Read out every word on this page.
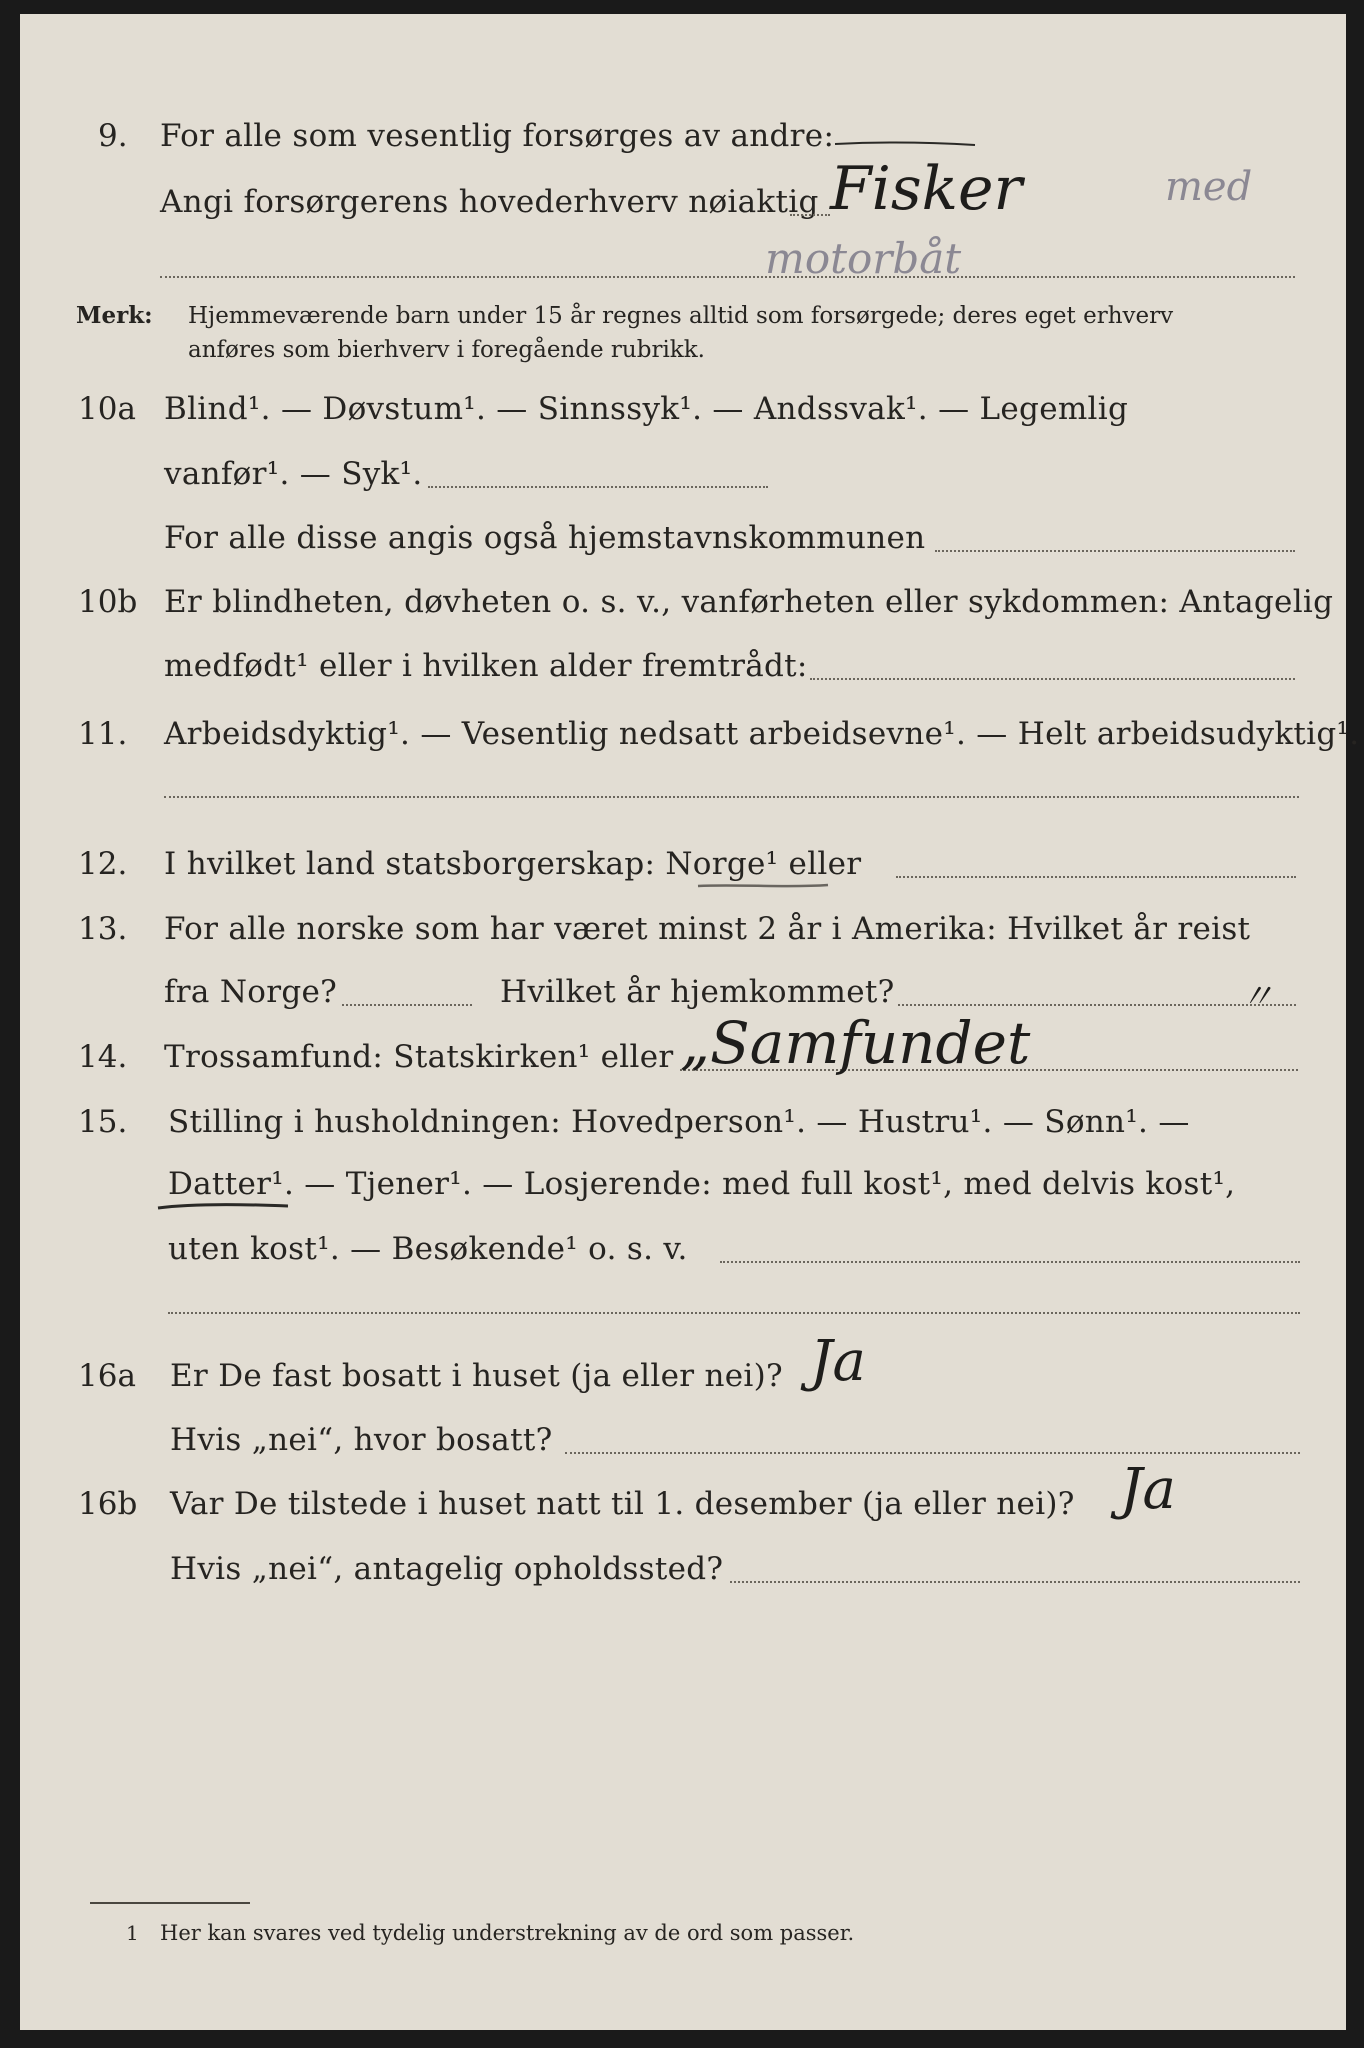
9. For alle som vesentlig forsørges av andre:
Angi forsørgerens hovederhverv nøiaktig Fisker	med
motorbåt
Merk: Hjemmeværende barn under 15 år regnes alltid som forsørgede; deres eget erhverv
anføres som bierhverv i foregående rubrikk.
10a Blind¹. — Døvstum¹. — Sinnssyk¹. — Andssvak¹. — Legemlig
vanfør¹. — Syk¹.
For alle disse angis også hjemstavnskommunen
10b Er blindheten, døvheten o. s. v., vanførheten eller sykdommen: Antagelig
medfødt¹ eller i hvilken alder fremtrådt:
11. Arbeidsdyktig¹. — Vesentlig nedsatt arbeidsevne¹. — Helt arbeidsudyktig¹.
12. I hvilket land statsborgerskap: Norge¹ eller
13. For alle norske som har været minst 2 år i Amerika: Hvilket år reist
fra Norge?	Hvilket år hjemkommet?	〃
14. Trossamfund: Statskirken¹ eller „Samfundet
15. Stilling i husholdningen: Hovedperson¹. — Hustru¹. — Sønn¹. —
Datter¹. — Tjener¹. — Losjerende: med full kost¹, med delvis kost¹,
uten kost¹. — Besøkende¹ o. s. v.
16a Er De fast bosatt i huset (ja eller nei)? Ja
Hvis „nei“, hvor bosatt?
16b Var De tilstede i huset natt til 1. desember (ja eller nei)? Ja
Hvis „nei“, antagelig opholdssted?
1 Her kan svares ved tydelig understrekning av de ord som passer.
